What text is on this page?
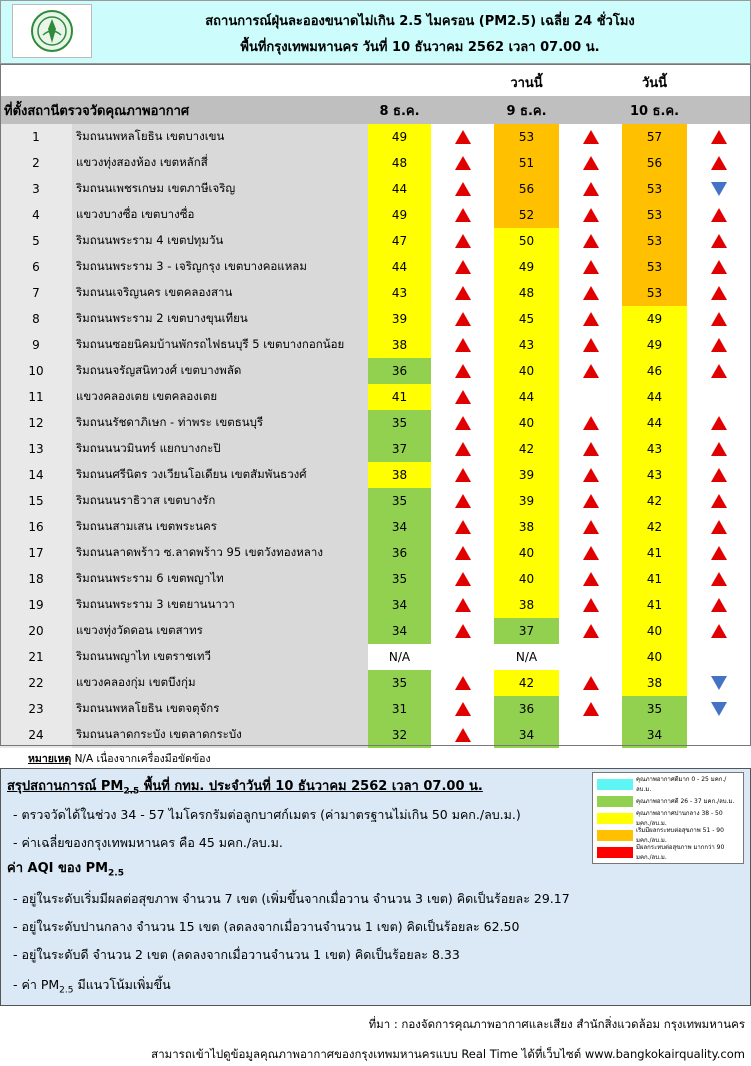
สถานการณ์ฝุ่นละอองขนาดไม่เกิน 2.5 ไมครอน (PM2.5) เฉลี่ย 24 ชั่วโมง
พื้นที่กรุงเทพมหานคร วันที่ 10 ธันวาคม 2562 เวลา 07.00 น.
วานนี้	วันนี้
ที่ตั้งสถานีตรวจวัดคุณภาพอากาศ	8 ธ.ค.	9 ธ.ค.	10 ธ.ค.
1	ริมถนนพหลโยธิน เขตบางเขน	49	53	57
2	แขวงทุ่งสองห้อง เขตหลักสี่	48	51	56
3	ริมถนนเพชรเกษม เขตภาษีเจริญ	44	56	53
4	แขวงบางซื่อ เขตบางซื่อ	49	52	53
5	ริมถนนพระราม 4 เขตปทุมวัน	47	50	53
6	ริมถนนพระราม 3 - เจริญกรุง เขตบางคอแหลม	44	49	53
7	ริมถนนเจริญนคร เขตคลองสาน	43	48	53
8	ริมถนนพระราม 2 เขตบางขุนเทียน	39	45	49
9	ริมถนนซอยนิคมบ้านพักรถไฟธนบุรี 5 เขตบางกอกน้อย	38	43	49
10	ริมถนนจรัญสนิทวงศ์ เขตบางพลัด	36	40	46
11	แขวงคลองเตย เขตคลองเตย	41	44	44
12	ริมถนนรัชดาภิเษก - ท่าพระ เขตธนบุรี	35	40	44
13	ริมถนนนวมินทร์ แยกบางกะปิ	37	42	43
14	ริมถนนศรีนิตร วงเวียนโอเดียน เขตสัมพันธวงศ์	38	39	43
15	ริมถนนนราธิวาส เขตบางรัก	35	39	42
16	ริมถนนสามเสน เขตพระนคร	34	38	42
17	ริมถนนลาดพร้าว ซ.ลาดพร้าว 95 เขตวังทองหลาง	36	40	41
18	ริมถนนพระราม 6 เขตพญาไท	35	40	41
19	ริมถนนพระราม 3 เขตยานนาวา	34	38	41
20	แขวงทุ่งวัดดอน เขตสาทร	34	37	40
21	ริมถนนพญาไท เขตราชเทวี	N/A	N/A	40
22	แขวงคลองกุ่ม เขตบึงกุ่ม	35	42	38
23	ริมถนนพหลโยธิน เขตจตุจักร	31	36	35
24	ริมถนนลาดกระบัง เขตลาดกระบัง	32	34	34
หมายเหตุ N/A เนื่องจากเครื่องมือขัดข้อง
สรุปสถานการณ์ $PM_{2.5}$ พื้นที่ กทม. ประจำวันที่ 10 ธันวาคม 2562 เวลา 07.00 น.
- ตรวจวัดได้ในช่วง 34 - 57 ไมโครกรัมต่อลูกบาศก์เมตร (ค่ามาตรฐานไม่เกิน 50 มคก./ลบ.ม.)
- ค่าเฉลี่ยของกรุงเทพมหานคร คือ 45 มคก./ลบ.ม.
ค่า AQI ของ $PM_{2.5}$
- อยู่ในระดับเริ่มมีผลต่อสุขภาพ จำนวน 7 เขต (เพิ่มขึ้นจากเมื่อวาน จำนวน 3 เขต) คิดเป็นร้อยละ 29.17
- อยู่ในระดับปานกลาง จำนวน 15 เขต (ลดลงจากเมื่อวานจำนวน 1 เขต) คิดเป็นร้อยละ 62.50
- อยู่ในระดับดี จำนวน 2 เขต (ลดลงจากเมื่อวานจำนวน 1 เขต) คิดเป็นร้อยละ 8.33
- ค่า $PM_{2.5}$ มีแนวโน้มเพิ่มขึ้น
คุณภาพอากาศดีมาก 0 - 25 มคก./ลบ.ม.
คุณภาพอากาศดี 26 - 37 มคก./ลบ.ม.
คุณภาพอากาศปานกลาง 38 - 50 มคก./ลบ.ม.
เริ่มมีผลกระทบต่อสุขภาพ 51 - 90 มคก./ลบ.ม.
มีผลกระทบต่อสุขภาพ มากกว่า 90 มคก./ลบ.ม.
ที่มา : กองจัดการคุณภาพอากาศและเสียง สำนักสิ่งแวดล้อม กรุงเทพมหานคร
สามารถเข้าไปดูข้อมูลคุณภาพอากาศของกรุงเทพมหานครแบบ Real Time ได้ที่เว็บไซต์ www.bangkokairquality.com
